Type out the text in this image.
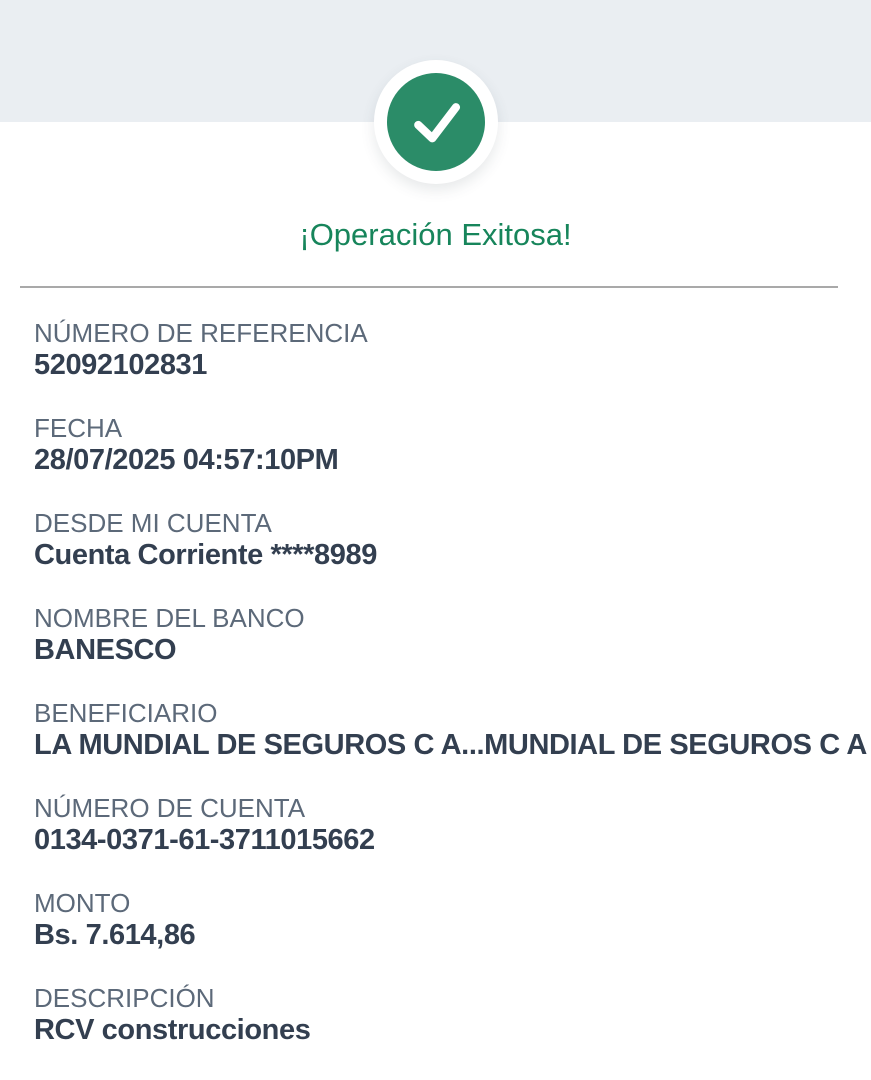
¡Operación Exitosa!
NÚMERO DE REFERENCIA
52092102831
FECHA
28/07/2025 04:57:10PM
DESDE MI CUENTA
Cuenta Corriente ****8989
NOMBRE DEL BANCO
BANESCO
BENEFICIARIO
LA MUNDIAL DE SEGUROS C A...MUNDIAL DE SEGUROS C A
NÚMERO DE CUENTA
0134-0371-61-3711015662
MONTO
Bs. 7.614,86
DESCRIPCIÓN
RCV construcciones
